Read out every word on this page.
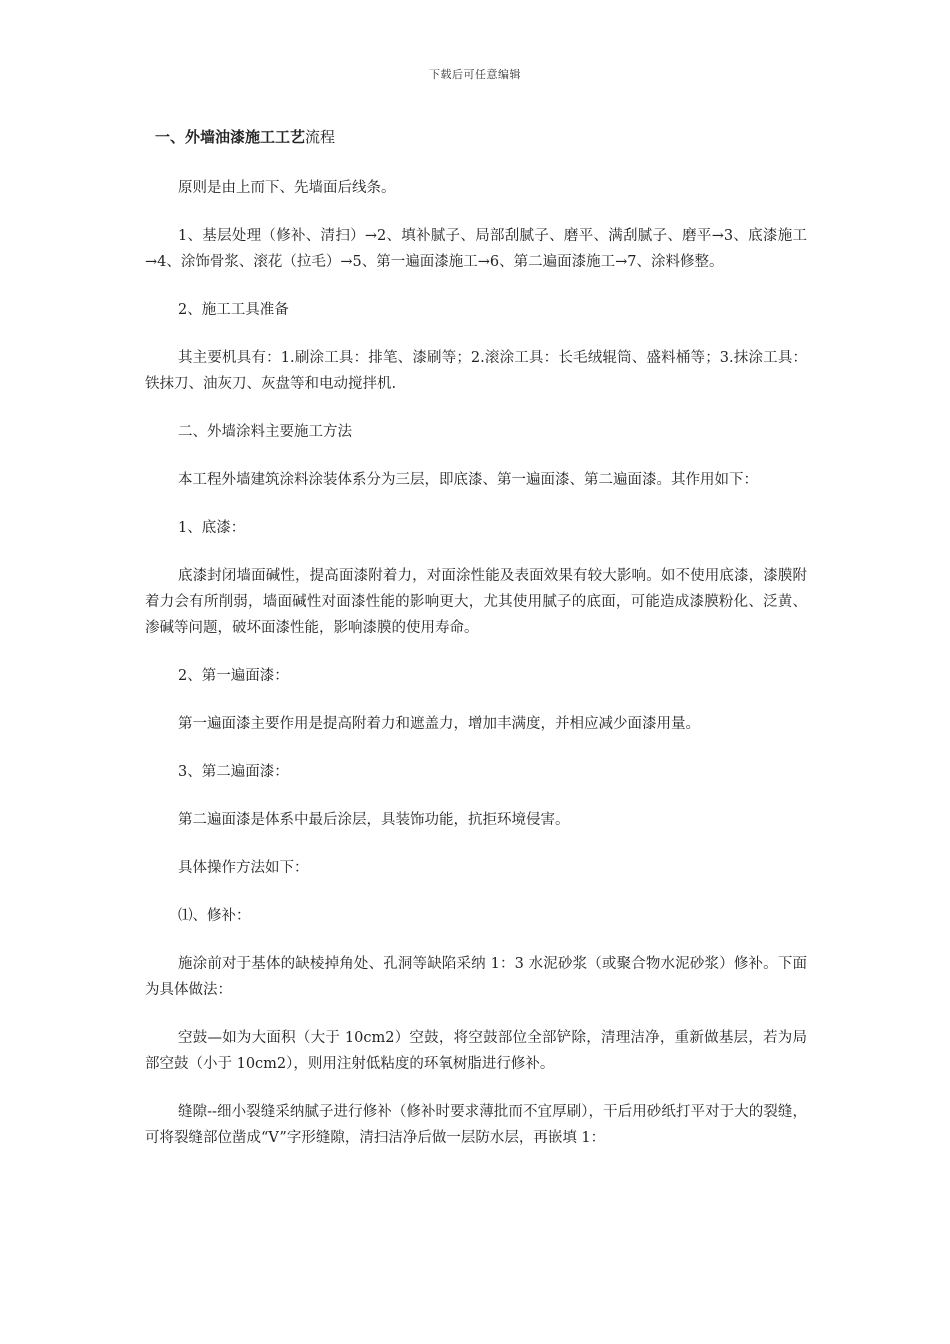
下载后可任意编辑
一、外墙油漆施工工艺流程

原则是由上而下、先墙面后线条。

1、基层处理（修补、清扫）→2、填补腻子、局部刮腻子、磨平、满刮腻子、磨平→3、底漆施工→4、涂饰骨浆、滚花（拉毛）→5、第一遍面漆施工→6、第二遍面漆施工→7、涂料修整。

2、施工工具准备

其主要机具有：1.刷涂工具：排笔、漆刷等；2.滚涂工具：长毛绒辊筒、盛料桶等；3.抹涂工具：铁抹刀、油灰刀、灰盘等和电动搅拌机.

二、外墙涂料主要施工方法

本工程外墙建筑涂料涂装体系分为三层，即底漆、第一遍面漆、第二遍面漆。其作用如下：

1、底漆：

底漆封闭墙面碱性，提高面漆附着力，对面涂性能及表面效果有较大影响。如不使用底漆，漆膜附着力会有所削弱，墙面碱性对面漆性能的影响更大，尤其使用腻子的底面，可能造成漆膜粉化、泛黄、渗碱等问题，破坏面漆性能，影响漆膜的使用寿命。

2、第一遍面漆：

第一遍面漆主要作用是提高附着力和遮盖力，增加丰满度，并相应减少面漆用量。

3、第二遍面漆：

第二遍面漆是体系中最后涂层，具装饰功能，抗拒环境侵害。

具体操作方法如下：

⑴、修补：

施涂前对于基体的缺棱掉角处、孔洞等缺陷采纳 1：3 水泥砂浆（或聚合物水泥砂浆）修补。下面为具体做法：

空鼓—如为大面积（大于 10cm2）空鼓，将空鼓部位全部铲除，清理洁净，重新做基层，若为局部空鼓（小于 10cm2），则用注射低粘度的环氧树脂进行修补。

缝隙--细小裂缝采纳腻子进行修补（修补时要求薄批而不宜厚刷），干后用砂纸打平对于大的裂缝，可将裂缝部位凿成“V”字形缝隙，清扫洁净后做一层防水层，再嵌填 1：
